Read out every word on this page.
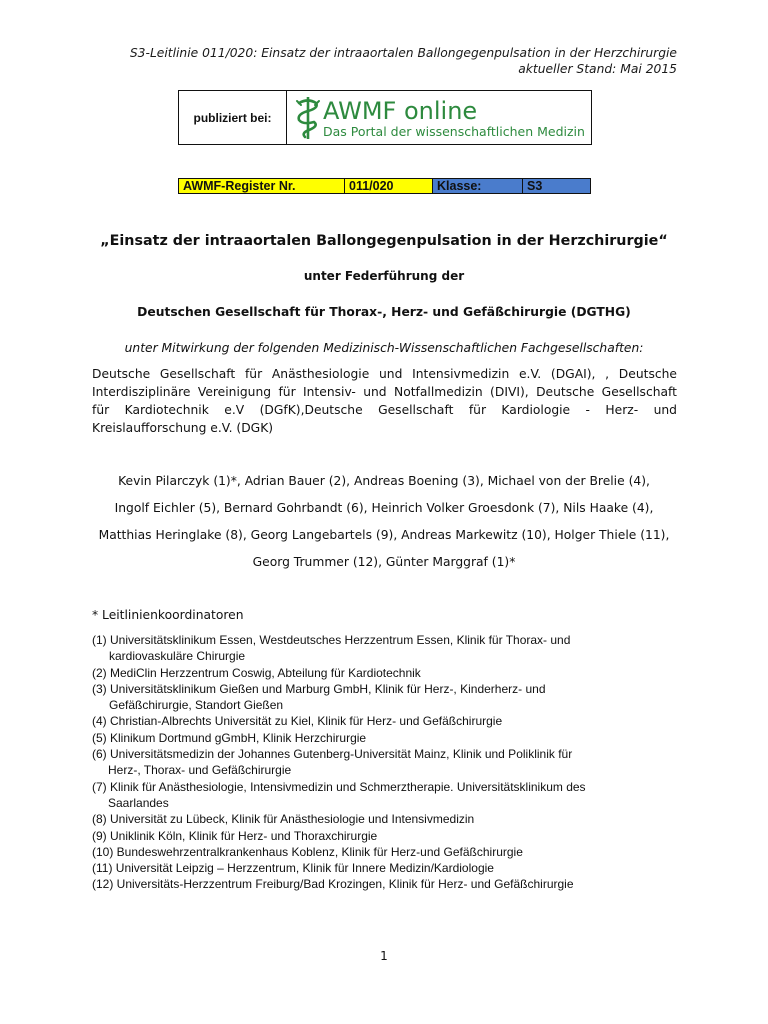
S3-Leitlinie 011/020: Einsatz der intraaortalen Ballongegenpulsation in der Herzchirurgie
aktueller Stand: Mai 2015
publiziert bei:	AWMF online
Das Portal der wissenschaftlichen Medizin
AWMF-Register Nr.	011/020	Klasse:	S3
„Einsatz der intraaortalen Ballongegenpulsation in der Herzchirurgie“
unter Federführung der
Deutschen Gesellschaft für Thorax-, Herz- und Gefäßchirurgie (DGTHG)
unter Mitwirkung der folgenden Medizinisch-Wissenschaftlichen Fachgesellschaften:
Deutsche Gesellschaft für Anästhesiologie und Intensivmedizin e.V. (DGAI), , Deutsche
Interdisziplinäre Vereinigung für Intensiv- und Notfallmedizin (DIVI), Deutsche Gesellschaft
für Kardiotechnik e.V (DGfK),Deutsche Gesellschaft für Kardiologie - Herz- und
Kreislaufforschung e.V. (DGK)
Kevin Pilarczyk (1)*, Adrian Bauer (2), Andreas Boening (3), Michael von der Brelie (4),
Ingolf Eichler (5), Bernard Gohrbandt (6), Heinrich Volker Groesdonk (7), Nils Haake (4),
Matthias Heringlake (8), Georg Langebartels (9), Andreas Markewitz (10), Holger Thiele (11),
Georg Trummer (12), Günter Marggraf (1)*
* Leitlinienkoordinatoren
(1) Universitätsklinikum Essen, Westdeutsches Herzzentrum Essen, Klinik für Thorax- und
kardiovaskuläre Chirurgie
(2) MediClin Herzzentrum Coswig, Abteilung für Kardiotechnik
(3) Universitätsklinikum Gießen und Marburg GmbH, Klinik für Herz-, Kinderherz- und
Gefäßchirurgie, Standort Gießen
(4) Christian-Albrechts Universität zu Kiel, Klinik für Herz- und Gefäßchirurgie
(5) Klinikum Dortmund gGmbH, Klinik Herzchirurgie
(6) Universitätsmedizin der Johannes Gutenberg-Universität Mainz, Klinik und Poliklinik für
Herz-, Thorax- und Gefäßchirurgie
(7) Klinik für Anästhesiologie, Intensivmedizin und Schmerztherapie. Universitätsklinikum des
Saarlandes
(8) Universität zu Lübeck, Klinik für Anästhesiologie und Intensivmedizin
(9) Uniklinik Köln, Klinik für Herz- und Thoraxchirurgie
(10) Bundeswehrzentralkrankenhaus Koblenz, Klinik für Herz-und Gefäßchirurgie
(11) Universität Leipzig – Herzzentrum, Klinik für Innere Medizin/Kardiologie
(12) Universitäts-Herzzentrum Freiburg/Bad Krozingen, Klinik für Herz- und Gefäßchirurgie
1
